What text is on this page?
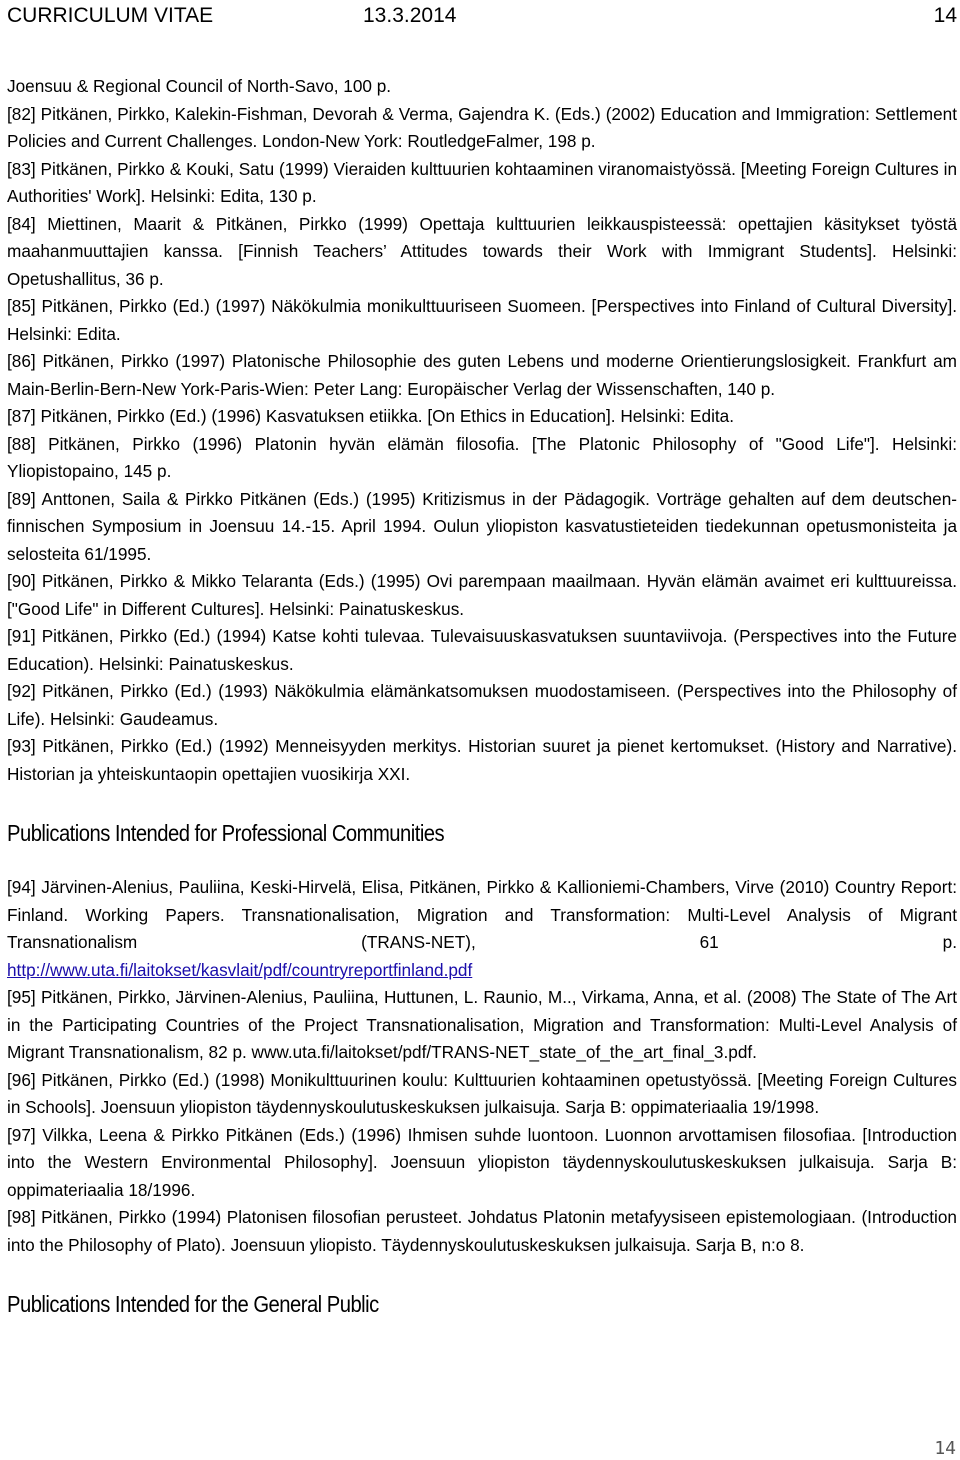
CURRICULUM VITAE	13.3.2014	14

Joensuu & Regional Council of North-Savo, 100 p.

[82] Pitkänen, Pirkko, Kalekin-Fishman, Devorah & Verma, Gajendra K. (Eds.) (2002) Education and Immigration: Settlement Policies and Current Challenges. London-New York: RoutledgeFalmer, 198 p.

[83] Pitkänen, Pirkko & Kouki, Satu (1999) Vieraiden kulttuurien kohtaaminen viranomaistyössä. [Meeting Foreign Cultures in Authorities' Work]. Helsinki: Edita, 130 p.

[84] Miettinen, Maarit & Pitkänen, Pirkko (1999) Opettaja kulttuurien leikkauspisteessä: opettajien käsitykset työstä maahanmuuttajien kanssa. [Finnish Teachers’ Attitudes towards their Work with Immigrant Students]. Helsinki: Opetushallitus, 36 p.

[85] Pitkänen, Pirkko (Ed.) (1997) Näkökulmia monikulttuuriseen Suomeen. [Perspectives into Finland of Cultural Diversity]. Helsinki: Edita.

[86] Pitkänen, Pirkko (1997) Platonische Philosophie des guten Lebens und moderne Orientierungslosigkeit. Frankfurt am Main-Berlin-Bern-New York-Paris-Wien: Peter Lang: Europäischer Verlag der Wissenschaften, 140 p.

[87] Pitkänen, Pirkko (Ed.) (1996) Kasvatuksen etiikka. [On Ethics in Education]. Helsinki: Edita.

[88] Pitkänen, Pirkko (1996) Platonin hyvän elämän filosofia. [The Platonic Philosophy of "Good Life"]. Helsinki: Yliopistopaino, 145 p.

[89] Anttonen, Saila & Pirkko Pitkänen (Eds.) (1995) Kritizismus in der Pädagogik. Vorträge gehalten auf dem deutschen-finnischen Symposium in Joensuu 14.-15. April 1994. Oulun yliopiston kasvatustieteiden tiedekunnan opetusmonisteita ja selosteita 61/1995.

[90] Pitkänen, Pirkko & Mikko Telaranta (Eds.) (1995) Ovi parempaan maailmaan. Hyvän elämän avaimet eri kulttuureissa. ["Good Life" in Different Cultures]. Helsinki: Painatuskeskus.

[91] Pitkänen, Pirkko (Ed.) (1994) Katse kohti tulevaa. Tulevaisuuskasvatuksen suuntaviivoja. (Perspectives into the Future Education). Helsinki: Painatuskeskus.

[92] Pitkänen, Pirkko (Ed.) (1993) Näkökulmia elämänkatsomuksen muodostamiseen. (Perspectives into the Philosophy of Life). Helsinki: Gaudeamus.

[93] Pitkänen, Pirkko (Ed.) (1992) Menneisyyden merkitys. Historian suuret ja pienet kertomukset. (History and Narrative). Historian ja yhteiskuntaopin opettajien vuosikirja XXI.

Publications Intended for Professional Communities

[94] Järvinen-Alenius, Pauliina, Keski-Hirvelä, Elisa, Pitkänen, Pirkko & Kallioniemi-Chambers, Virve (2010) Country Report: Finland. Working Papers. Transnationalisation, Migration and Transformation: Multi-Level Analysis of Migrant Transnationalism (TRANS-NET), 61 p.

http://www.uta.fi/laitokset/kasvlait/pdf/countryreportfinland.pdf

[95] Pitkänen, Pirkko, Järvinen-Alenius, Pauliina, Huttunen, L. Raunio, M.., Virkama, Anna, et al. (2008) The State of The Art in the Participating Countries of the Project Transnationalisation, Migration and Transformation: Multi-Level Analysis of Migrant Transnationalism, 82 p. www.uta.fi/laitokset/pdf/TRANS-NET_state_of_the_art_final_3.pdf.

[96] Pitkänen, Pirkko (Ed.) (1998) Monikulttuurinen koulu: Kulttuurien kohtaaminen opetustyössä. [Meeting Foreign Cultures in Schools]. Joensuun yliopiston täydennyskoulutuskeskuksen julkaisuja. Sarja B: oppimateriaalia 19/1998.

[97] Vilkka, Leena & Pirkko Pitkänen (Eds.) (1996) Ihmisen suhde luontoon. Luonnon arvottamisen filosofiaa. [Introduction into the Western Environmental Philosophy]. Joensuun yliopiston täydennyskoulutuskeskuksen julkaisuja. Sarja B: oppimateriaalia 18/1996.

[98] Pitkänen, Pirkko (1994) Platonisen filosofian perusteet. Johdatus Platonin metafyysiseen epistemologiaan. (Introduction into the Philosophy of Plato). Joensuun yliopisto. Täydennyskoulutuskeskuksen julkaisuja. Sarja B, n:o 8.

Publications Intended for the General Public
14
